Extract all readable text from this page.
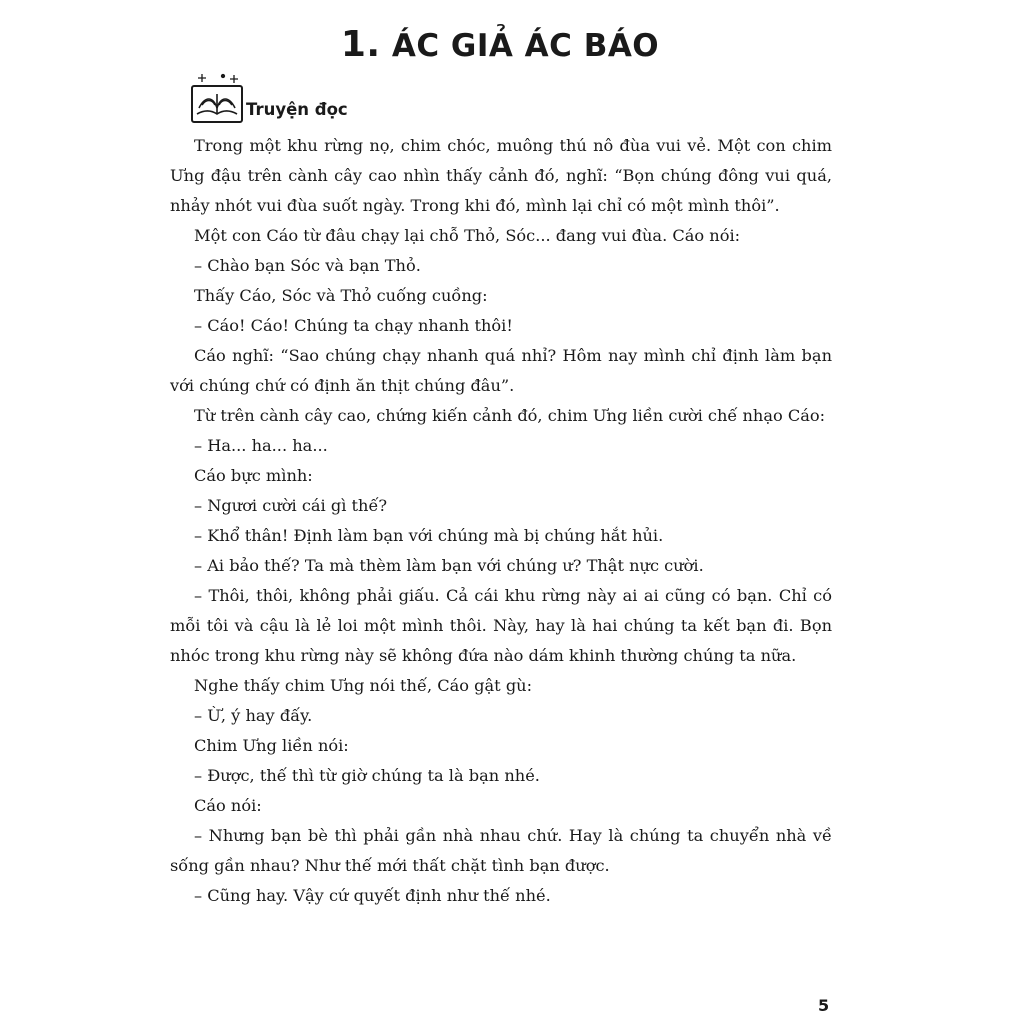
1. ÁC GIẢ ÁC BÁO
Truyện đọc

Trong một khu rừng nọ, chim chóc, muông thú nô đùa vui vẻ. Một con chim Ưng đậu trên cành cây cao nhìn thấy cảnh đó, nghĩ: “Bọn chúng đông vui quá, nhảy nhót vui đùa suốt ngày. Trong khi đó, mình lại chỉ có một mình thôi”.

Một con Cáo từ đâu chạy lại chỗ Thỏ, Sóc... đang vui đùa. Cáo nói:

– Chào bạn Sóc và bạn Thỏ.

Thấy Cáo, Sóc và Thỏ cuống cuồng:

– Cáo! Cáo! Chúng ta chạy nhanh thôi!

Cáo nghĩ: “Sao chúng chạy nhanh quá nhỉ? Hôm nay mình chỉ định làm bạn với chúng chứ có định ăn thịt chúng đâu”.

Từ trên cành cây cao, chứng kiến cảnh đó, chim Ưng liền cười chế nhạo Cáo:

– Ha... ha... ha...

Cáo bực mình:

– Ngươi cười cái gì thế?

– Khổ thân! Định làm bạn với chúng mà bị chúng hắt hủi.

– Ai bảo thế? Ta mà thèm làm bạn với chúng ư? Thật nực cười.

– Thôi, thôi, không phải giấu. Cả cái khu rừng này ai ai cũng có bạn. Chỉ có mỗi tôi và cậu là lẻ loi một mình thôi. Này, hay là hai chúng ta kết bạn đi. Bọn nhóc trong khu rừng này sẽ không đứa nào dám khinh thường chúng ta nữa.

Nghe thấy chim Ưng nói thế, Cáo gật gù:

– Ừ, ý hay đấy.

Chim Ưng liền nói:

– Được, thế thì từ giờ chúng ta là bạn nhé.

Cáo nói:

– Nhưng bạn bè thì phải gần nhà nhau chứ. Hay là chúng ta chuyển nhà về sống gần nhau? Như thế mới thất chặt tình bạn được.

– Cũng hay. Vậy cứ quyết định như thế nhé.

5
